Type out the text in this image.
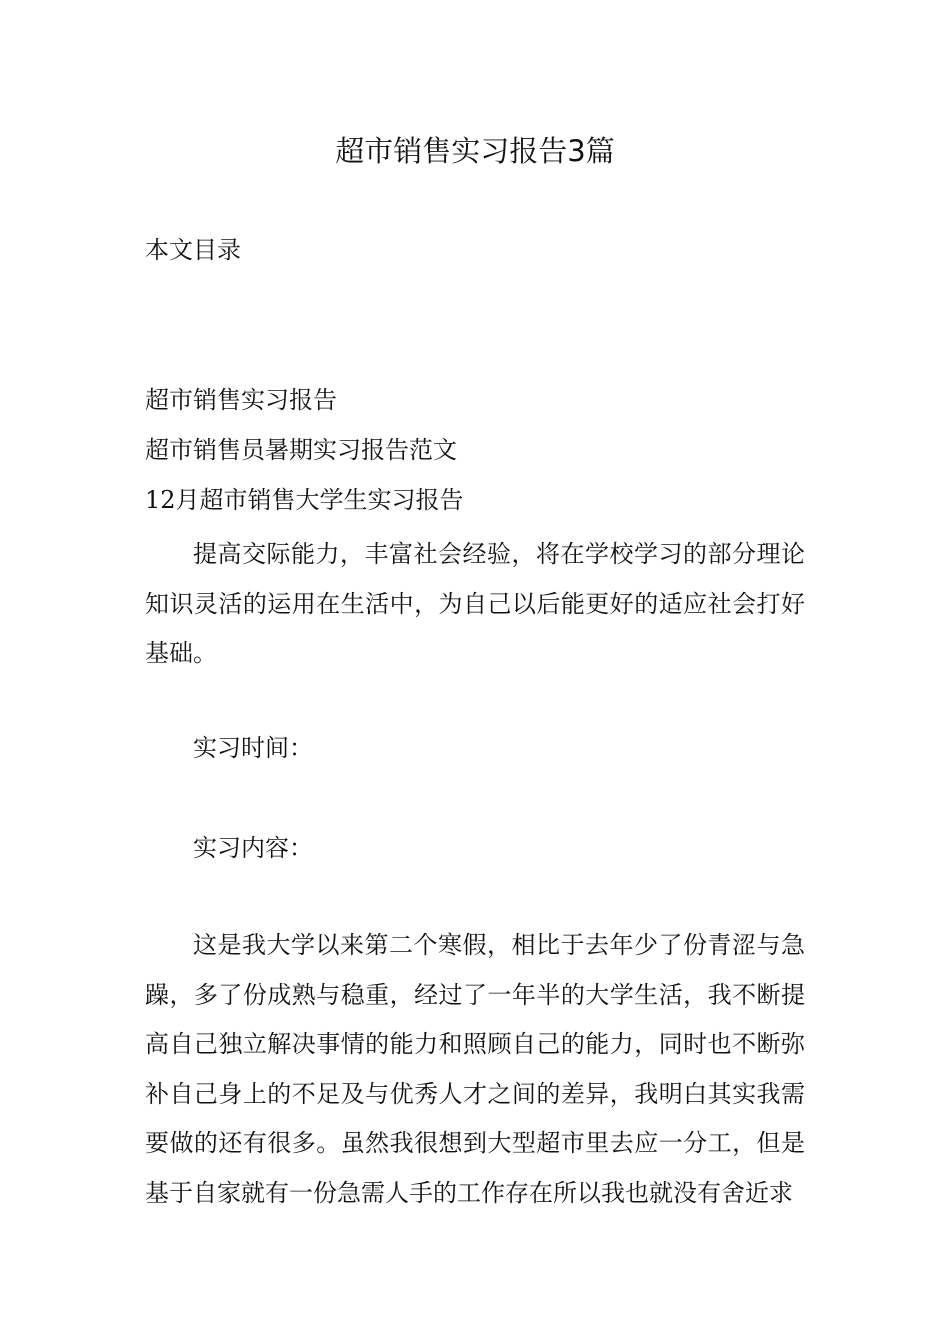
超市销售实习报告3篇
本文目录
超市销售实习报告
超市销售员暑期实习报告范文
12月超市销售大学生实习报告

提高交际能力，丰富社会经验，将在学校学习的部分理论知识灵活的运用在生活中，为自己以后能更好的适应社会打好基础。

实习时间：
实习内容：

这是我大学以来第二个寒假，相比于去年少了份青涩与急躁，多了份成熟与稳重，经过了一年半的大学生活，我不断提高自己独立解决事情的能力和照顾自己的能力，同时也不断弥补自己身上的不足及与优秀人才之间的差异，我明白其实我需要做的还有很多。虽然我很想到大型超市里去应一分工，但是基于自家就有一份急需人手的工作存在所以我也就没有舍近求
